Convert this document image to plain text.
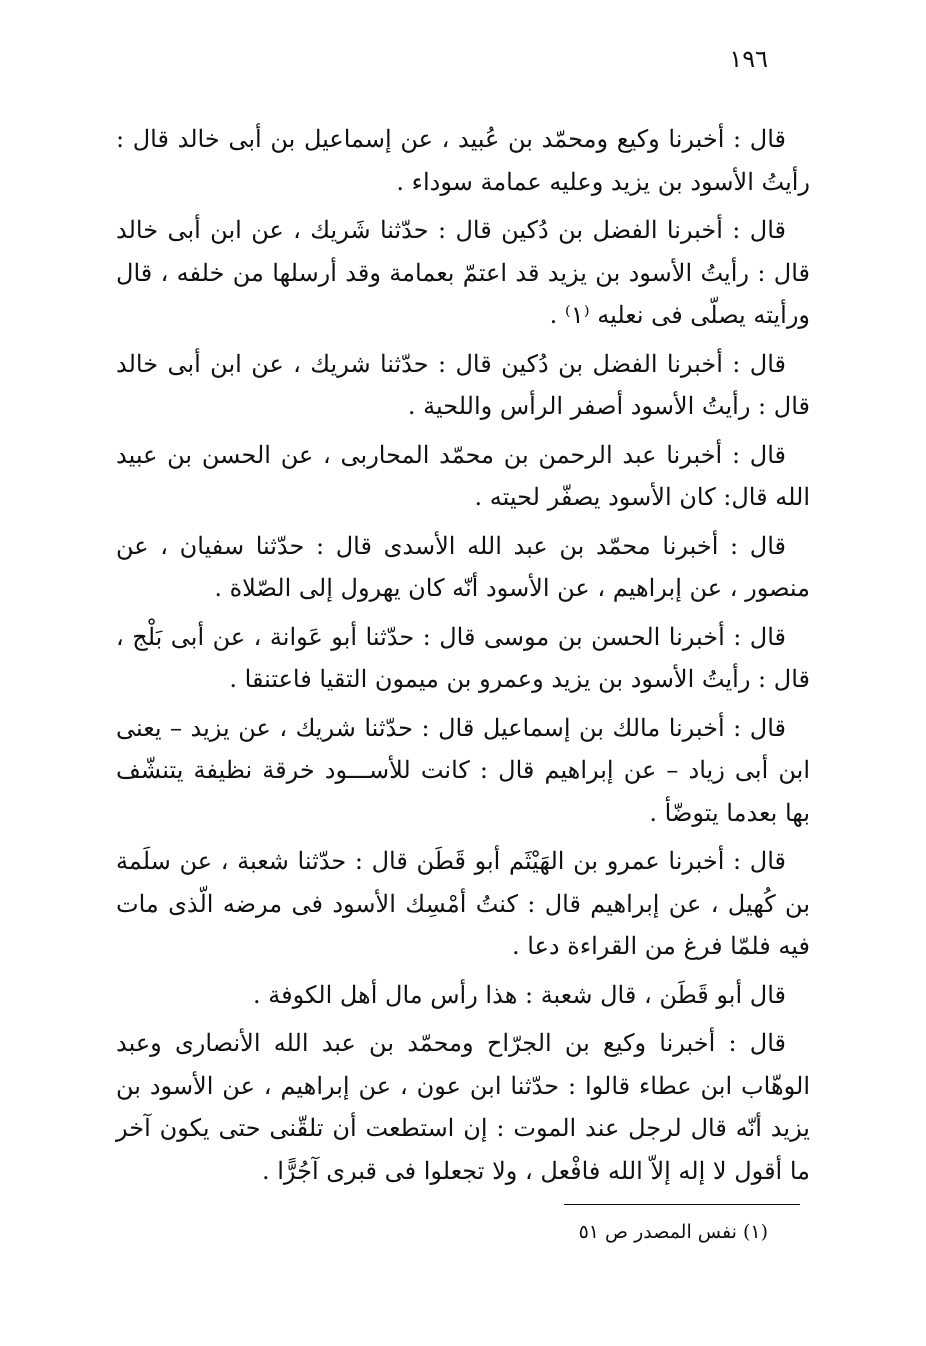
١٩٦

قال : أخبرنا وكيع ومحمّد بن عُبيد ، عن إسماعيل بن أبى خالد قال : رأيتُ الأسود بن يزيد وعليه عمامة سوداء .

قال : أخبرنا الفضل بن دُكين قال : حدّثنا شَريك ، عن ابن أبى خالد قال : رأيتُ الأسود بن يزيد قد اعتمّ بعمامة وقد أرسلها من خلفه ، قال ورأيته يصلّى فى نعليه ⁽١⁾ .

قال : أخبرنا الفضل بن دُكين قال : حدّثنا شريك ، عن ابن أبى خالد قال : رأيتُ الأسود أصفر الرأس واللحية .

قال : أخبرنا عبد الرحمن بن محمّد المحاربى ، عن الحسن بن عبيد الله قال: كان الأسود يصفّر لحيته .

قال : أخبرنا محمّد بن عبد الله الأسدى قال : حدّثنا سفيان ، عن منصور ، عن إبراهيم ، عن الأسود أنّه كان يهرول إلى الصّلاة .

قال : أخبرنا الحسن بن موسى قال : حدّثنا أبو عَوانة ، عن أبى بَلْج ، قال : رأيتُ الأسود بن يزيد وعمرو بن ميمون التقيا فاعتنقا .

قال : أخبرنا مالك بن إسماعيل قال : حدّثنا شريك ، عن يزيد – يعنى ابن أبى زياد – عن إبراهيم قال : كانت للأســـود خرقة نظيفة يتنشّف بها بعدما يتوضّأ .

قال : أخبرنا عمرو بن الهَيْثَم أبو قَطَن قال : حدّثنا شعبة ، عن سلَمة بن كُهيل ، عن إبراهيم قال : كنتُ أمْسِك الأسود فى مرضه الّذى مات فيه فلمّا فرغ من القراءة دعا .

قال أبو قَطَن ، قال شعبة : هذا رأس مال أهل الكوفة .

قال : أخبرنا وكيع بن الجرّاح ومحمّد بن عبد الله الأنصارى وعبد الوهّاب ابن عطاء قالوا : حدّثنا ابن عون ، عن إبراهيم ، عن الأسود بن يزيد أنّه قال لرجل عند الموت : إن استطعت أن تلقّنى حتى يكون آخر ما أقول لا إله إلاّ الله فافْعل ، ولا تجعلوا فى قبرى آجُرًّا .

(١) نفس المصدر ص ٥١
